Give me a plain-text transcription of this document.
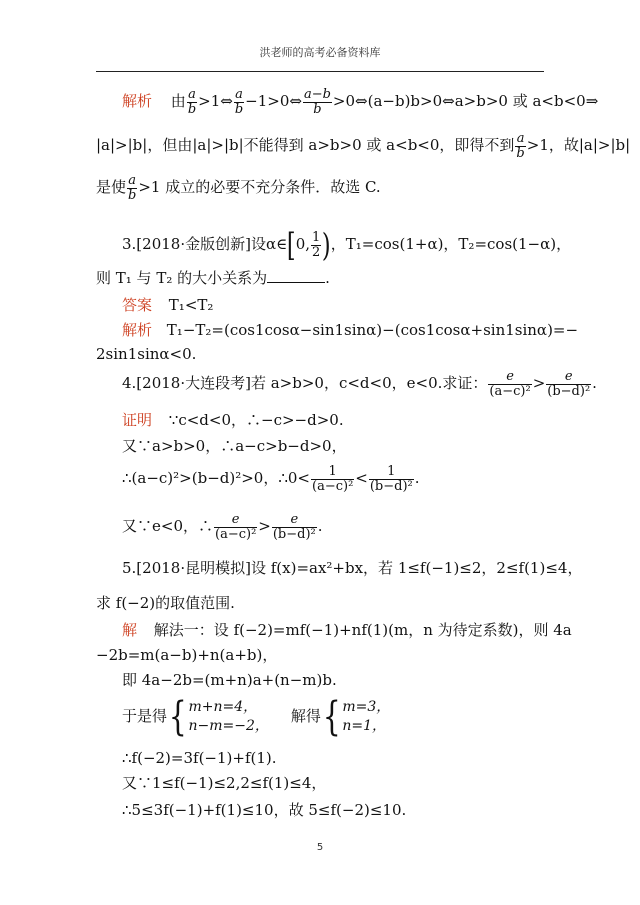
洪老师的高考必备资料库
解析 由 $\frac{a}{b}$ >1⇔ $\frac{a}{b}$ −1>0⇔ $\frac{a-b}{b}$ >0⇔(a−b)b>0⇔a>b>0 或 a<b<0⇒
|a|>|b|，但由|a|>|b|不能得到 a>b>0 或 a<b<0，即得不到 $\frac{a}{b} >1$，故|a|>|b|
是使 $\frac{a}{b} >1$ 成立的必要不充分条件．故选 C.
3.[2018·金版创新]设α∈[0, $\frac{1}{2}$ )，T₁=cos(1+α)，T₂=cos(1−α)，
则 T₁ 与 T₂ 的大小关系为	.
答案 T₁<T₂
解析 T₁−T₂=(cos1cosα−sin1sinα)−(cos1cosα+sin1sinα)=−
2sin1sinα<0.
4.[2018·大连段考]若 a>b>0，c<d<0，e<0.求证： $\frac{e}{\text{(a−c)²}} > \frac{e}{\text{(b−d)²}}$ .
证明 ∵c<d<0，∴−c>−d>0.
又∵a>b>0，∴a−c>b−d>0，
∴(a−c)²>(b−d)²>0，∴0< $\frac{1}{\text{(a−c)²}} < \frac{1}{\text{(b−d)²}}$ .
又∵e<0，∴ $\frac{e}{\text{(a−c)²}} > \frac{e}{\text{(b−d)²}}$ .
5.[2018·昆明模拟]设 f(x)=ax²+bx，若 1≤f(−1)≤2，2≤f(1)≤4，
求 f(−2)的取值范围.
解 解法一：设 f(−2)=mf(−1)+nf(1)(m，n 为待定系数)，则 4a
−2b=m(a−b)+n(a+b)，
即 4a−2b=(m+n)a+(n−m)b.
于是得{ m+n=4，
n−m=−2，
解得{ m=3，
n=1，
∴f(−2)=3f(−1)+f(1).
又∵1≤f(−1)≤2,2≤f(1)≤4，
∴5≤3f(−1)+f(1)≤10，故 5≤f(−2)≤10.
5
